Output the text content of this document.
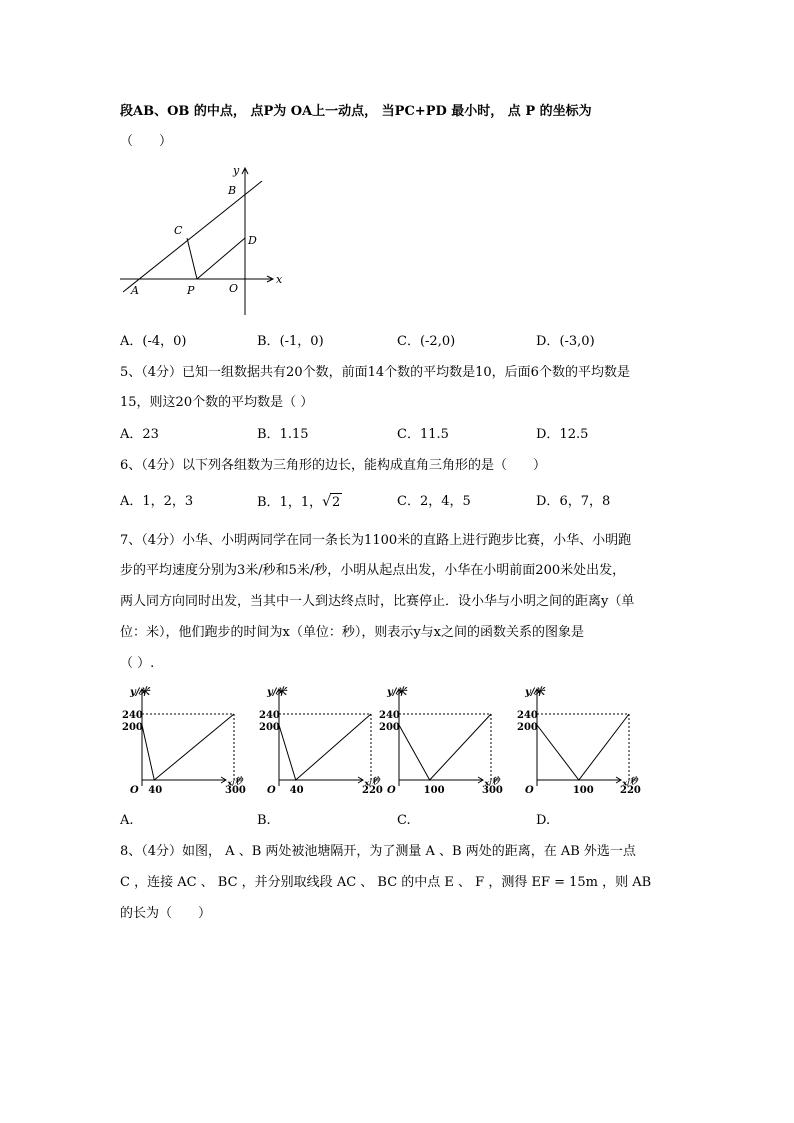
段AB、OB 的中点， 点P为 OA上一动点， 当PC+PD 最小时， 点 P 的坐标为
（　　）
y
x
B
C
D
A	P	O
A．(-4，0)	B．(-1，0)	C．(-2,0)	D．(-3,0)
5、（4分）已知一组数据共有20个数，前面14个数的平均数是10，后面6个数的平均数是
15，则这20个数的平均数是（ ）
A．23	B．1.15	C．11.5	D．12.5
6、（4分）以下列各组数为三角形的边长，能构成直角三角形的是（　　）
A．1，2，3	B．1，1，√2	C．2，4，5	D．6，7，8
7、（4分）小华、小明两同学在同一条长为1100米的直路上进行跑步比赛，小华、小明跑
步的平均速度分别为3米/秒和5米/秒，小明从起点出发，小华在小明前面200米处出发，
两人同方向同时出发，当其中一人到达终点时，比赛停止．设小华与小明之间的距离y（单
位：米），他们跑步的时间为x（单位：秒），则表示y与x之间的函数关系的图象是
（ ）.
y/米
240
200
O 40	300
x/秒
y/米
240
200
O 40	220
x/秒
y/米
240
200
O	100	300
x/秒
y/米
240
200
O	100	220
x/秒
A.	B.	C.	D.
8、（4分）如图， A 、B 两处被池塘隔开，为了测量 A 、B 两处的距离，在 AB 外选一点
C ，连接 AC 、 BC ，并分别取线段 AC 、 BC 的中点 E 、 F ，测得 EF = 15m ，则 AB
的长为（　　）
